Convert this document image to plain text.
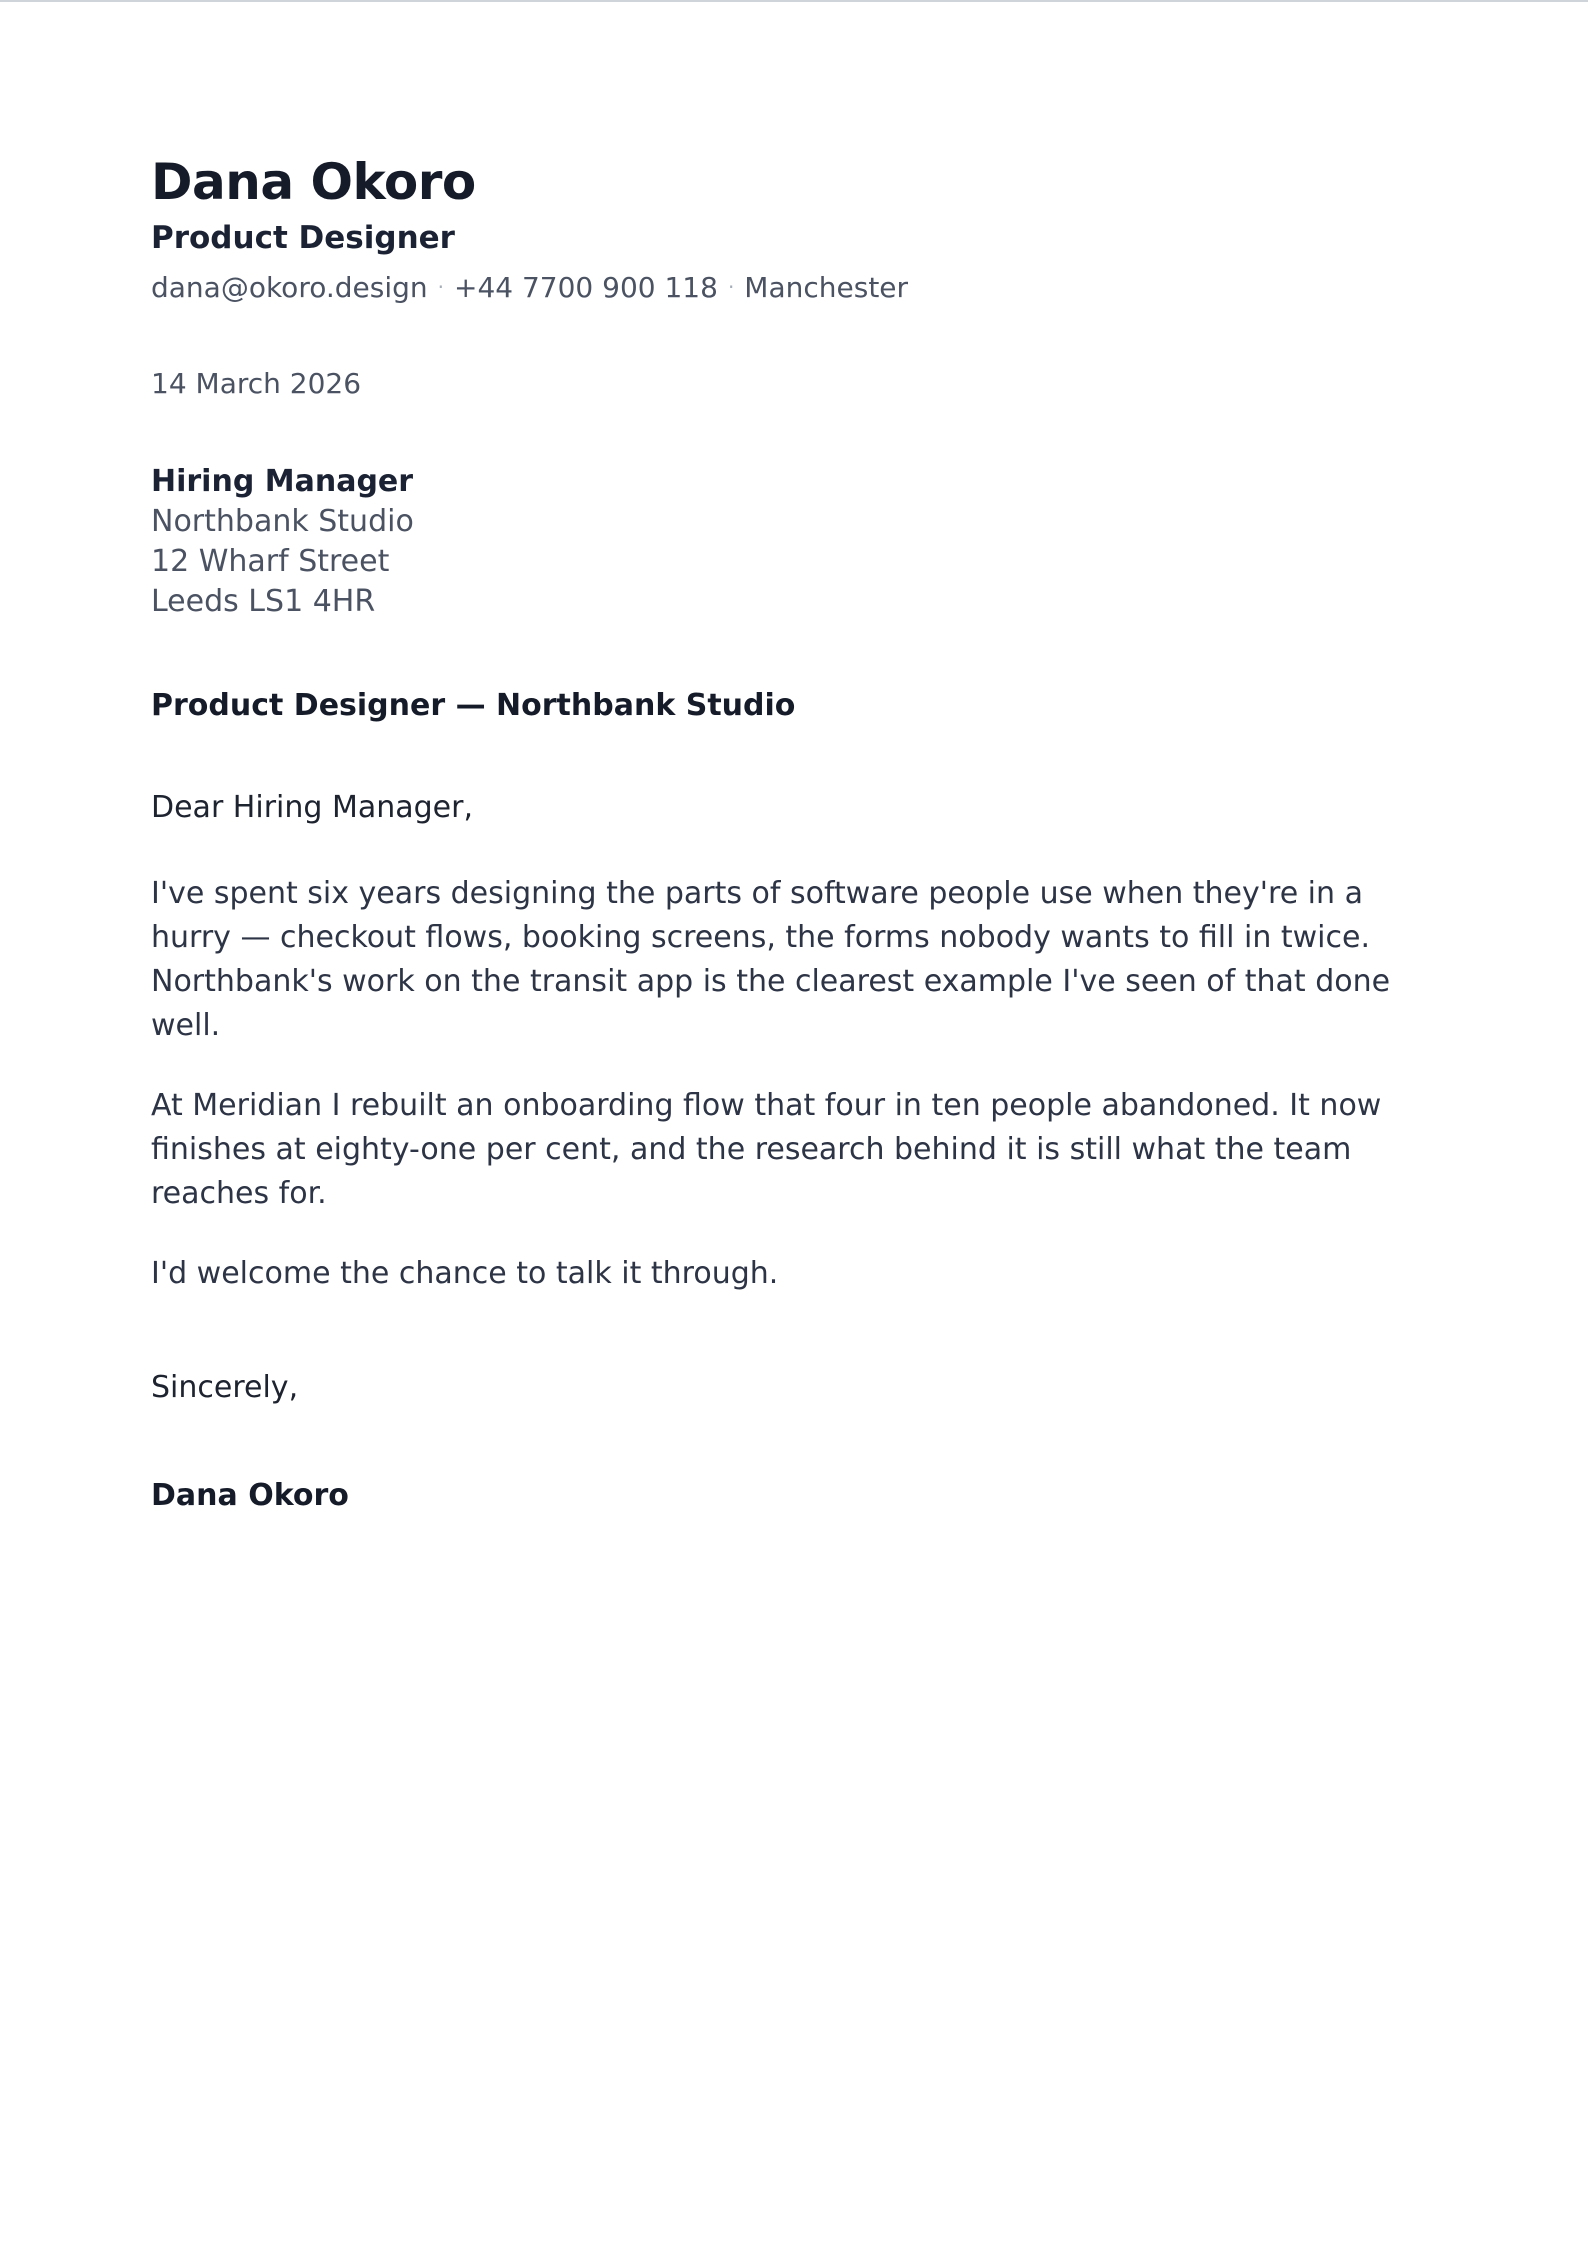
Dana Okoro

Product Designer

dana@okoro.design · +44 7700 900 118 · Manchester
14 March 2026
Hiring Manager
Northbank Studio
12 Wharf Street
Leeds LS1 4HR
Product Designer — Northbank Studio
Dear Hiring Manager,

I've spent six years designing the parts of software people use when they're in a hurry — checkout flows, booking screens, the forms nobody wants to fill in twice. Northbank's work on the transit app is the clearest example I've seen of that done well.

At Meridian I rebuilt an onboarding flow that four in ten people abandoned. It now finishes at eighty-one per cent, and the research behind it is still what the team reaches for.

I'd welcome the chance to talk it through.

Sincerely,
Dana Okoro
